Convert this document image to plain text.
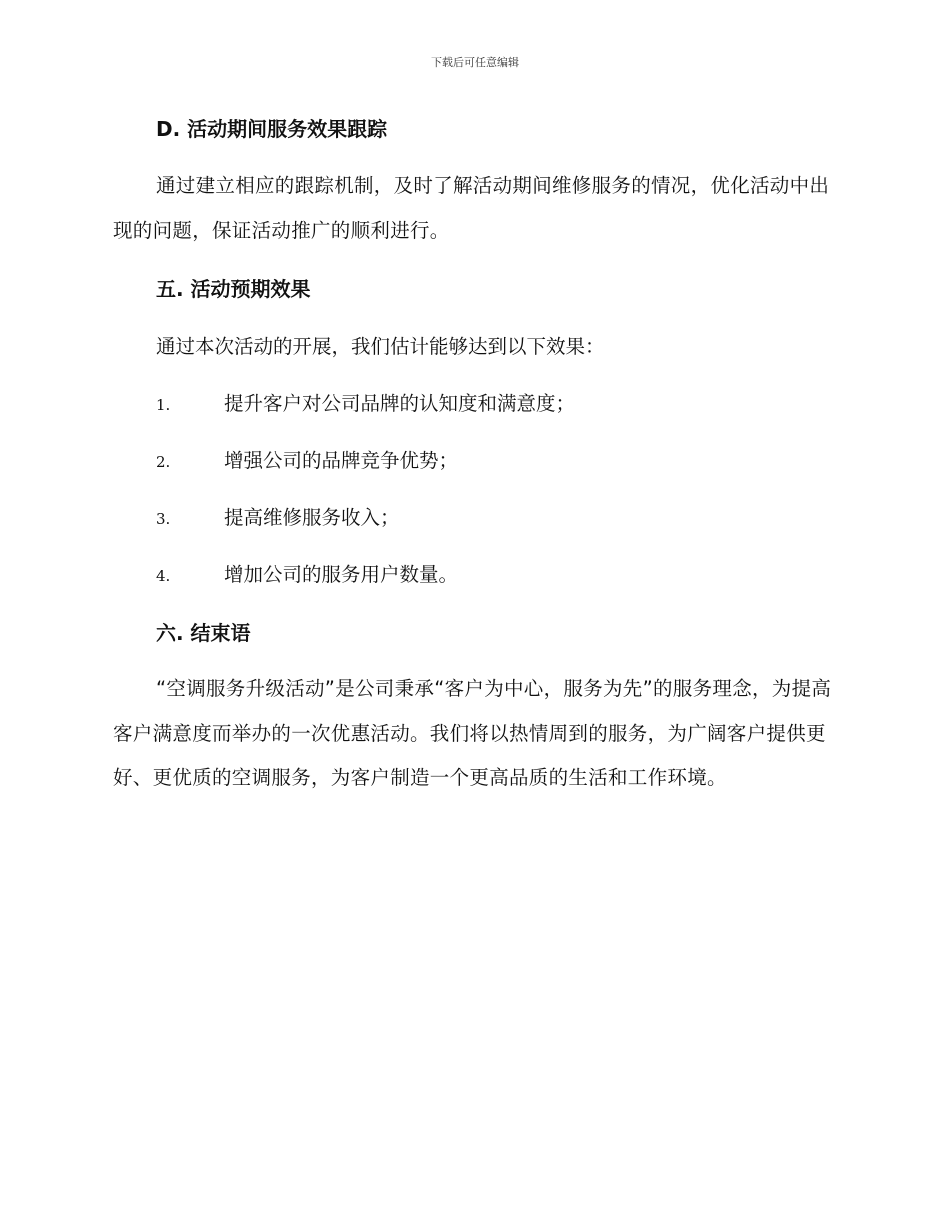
下载后可任意编辑
D. 活动期间服务效果跟踪

通过建立相应的跟踪机制，及时了解活动期间维修服务的情况，优化活动中出现的问题，保证活动推广的顺利进行。

五. 活动预期效果
通过本次活动的开展，我们估计能够达到以下效果：
1.	提升客户对公司品牌的认知度和满意度；
2.	增强公司的品牌竞争优势；
3.	提高维修服务收入；
4.	增加公司的服务用户数量。
六. 结束语

“空调服务升级活动”是公司秉承“客户为中心，服务为先”的服务理念，为提高客户满意度而举办的一次优惠活动。我们将以热情周到的服务，为广阔客户提供更好、更优质的空调服务，为客户制造一个更高品质的生活和工作环境。
